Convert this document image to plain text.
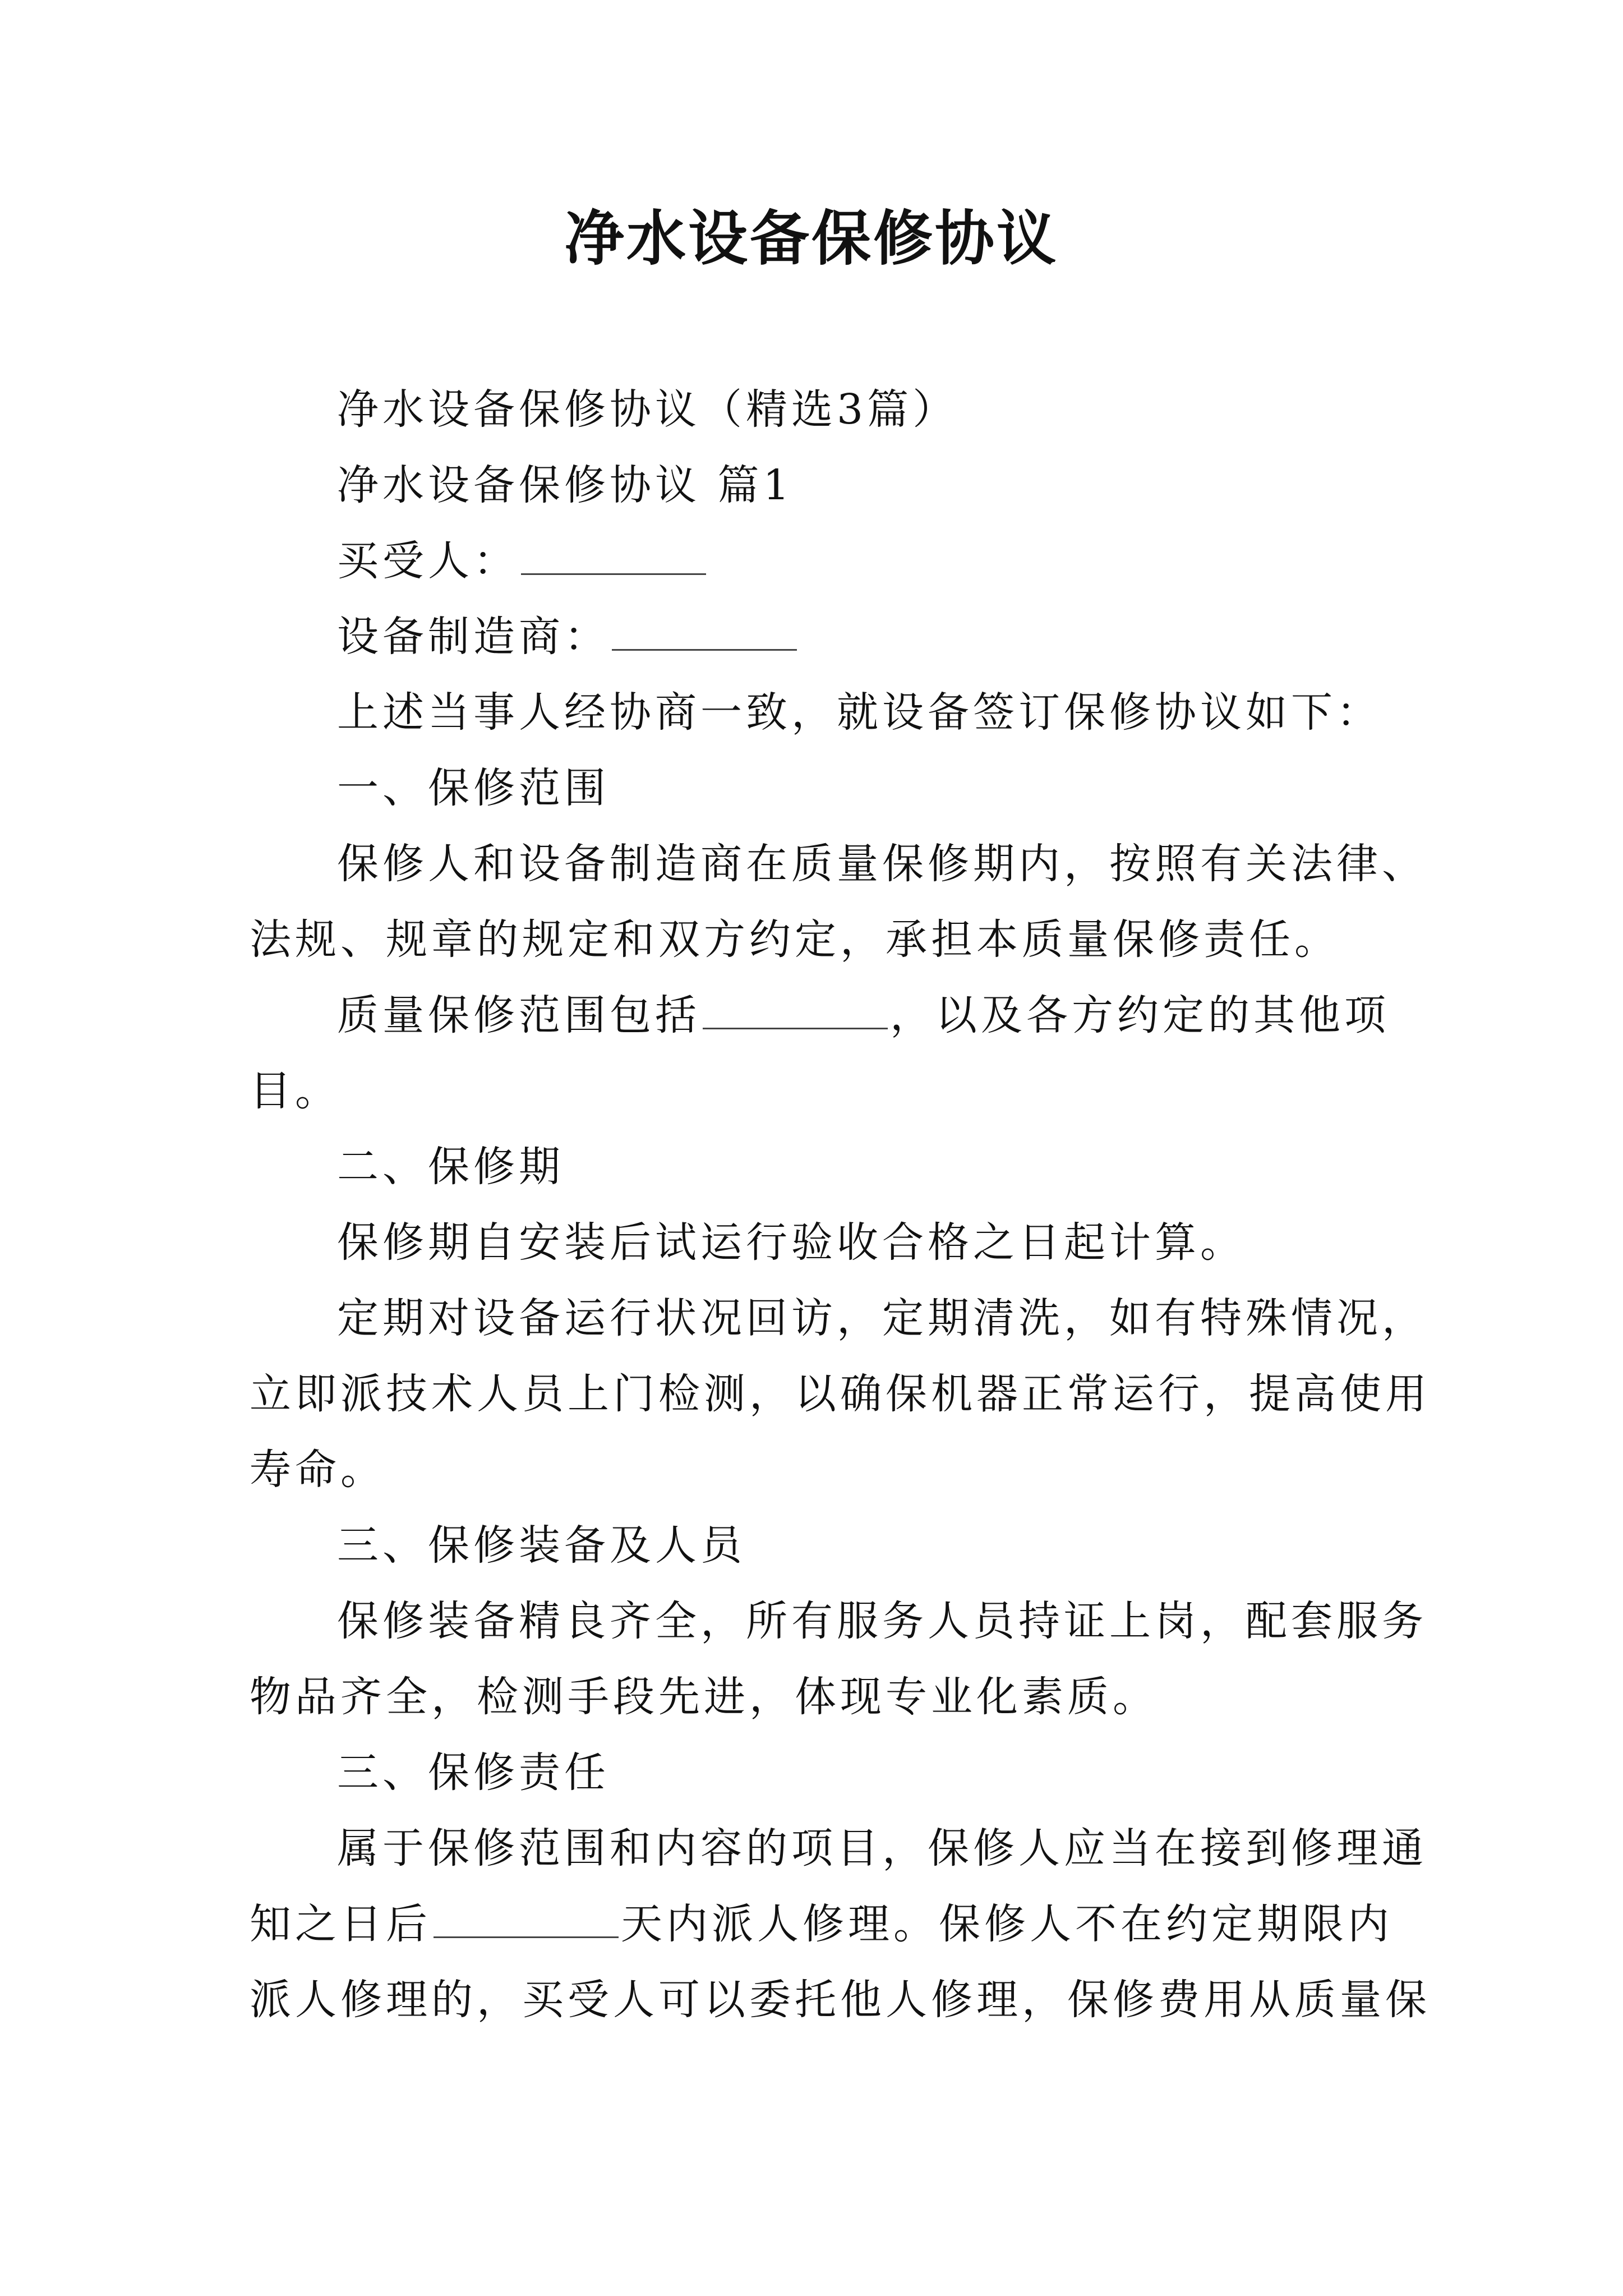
净水设备保修协议
净水设备保修协议（精选3篇）
净水设备保修协议 篇1
买受人：
设备制造商：
上述当事人经协商一致，就设备签订保修协议如下：
一、保修范围
保修人和设备制造商在质量保修期内，按照有关法律、
法规、规章的规定和双方约定，承担本质量保修责任。
质量保修范围包括	，以及各方约定的其他项
目。
二、保修期
保修期自安装后试运行验收合格之日起计算。
定期对设备运行状况回访，定期清洗，如有特殊情况，
立即派技术人员上门检测，以确保机器正常运行，提高使用
寿命。
三、保修装备及人员
保修装备精良齐全，所有服务人员持证上岗，配套服务
物品齐全，检测手段先进，体现专业化素质。
三、保修责任
属于保修范围和内容的项目，保修人应当在接到修理通
知之日后	天内派人修理。保修人不在约定期限内
派人修理的，买受人可以委托他人修理，保修费用从质量保
